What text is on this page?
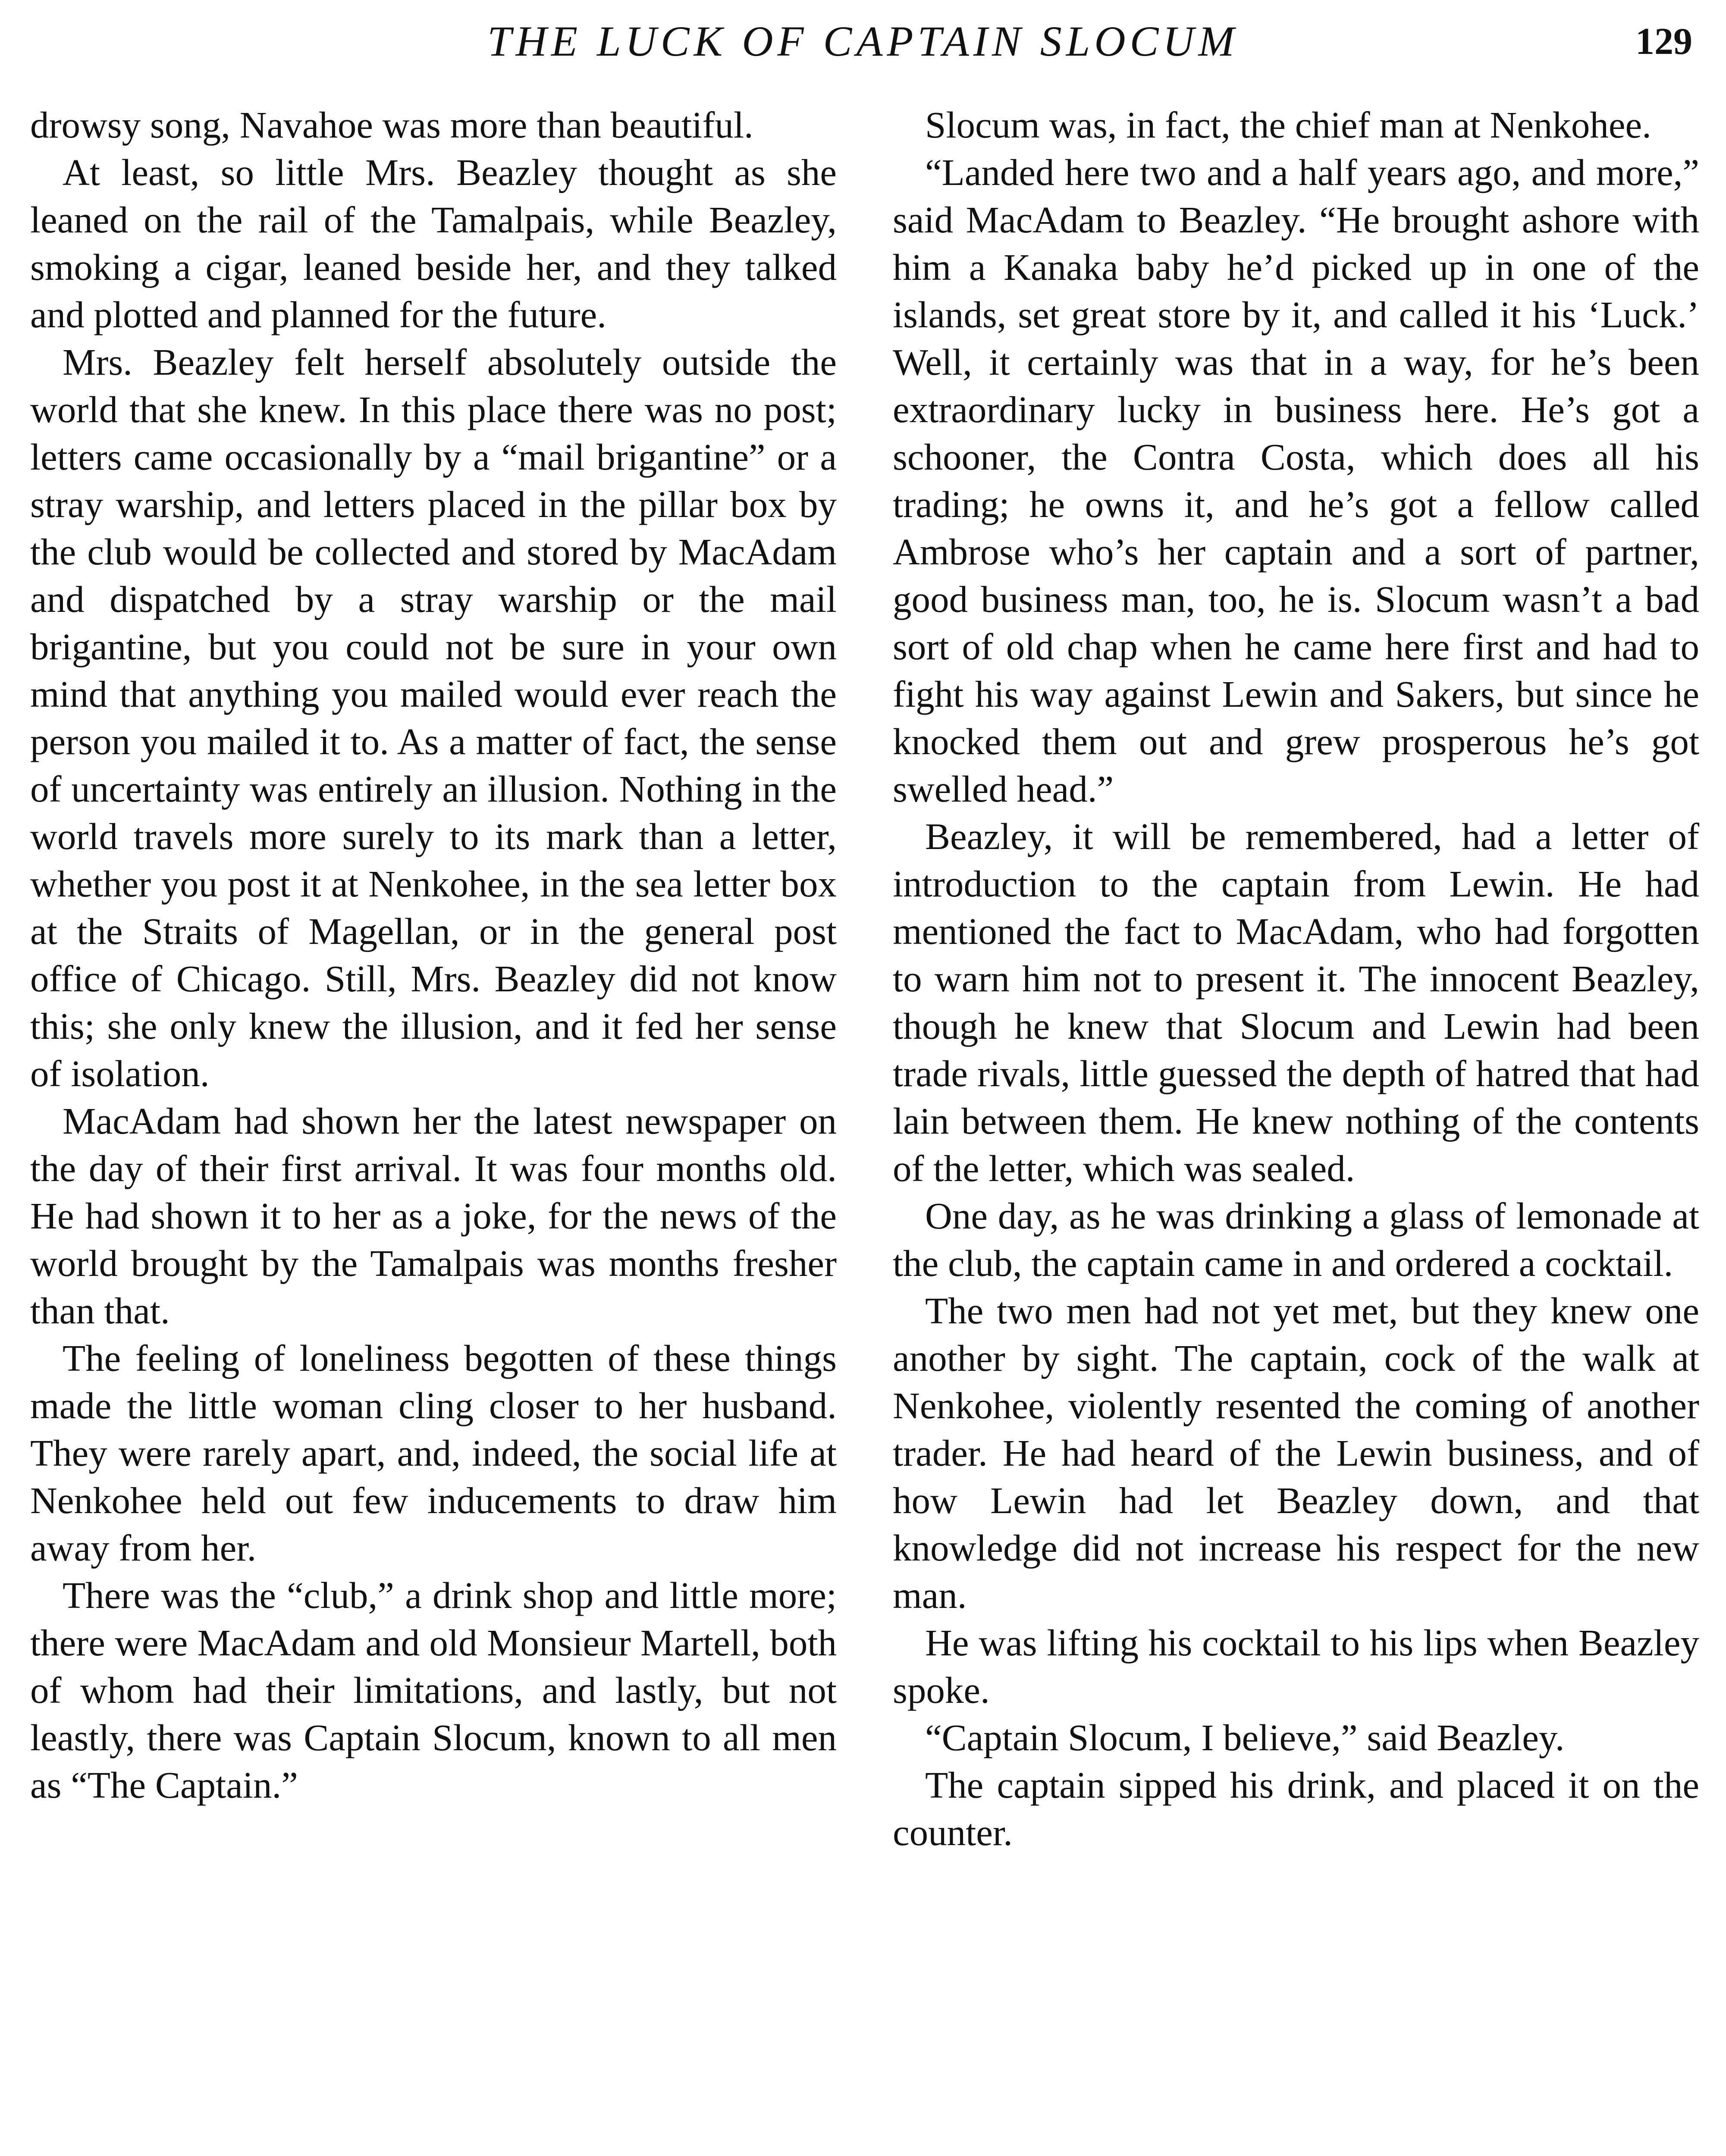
THE LUCK OF CAPTAIN SLOCUM	129

drowsy song, Navahoe was more than beautiful.

At least, so little Mrs. Beazley thought as she leaned on the rail of the Tamalpais, while Beazley, smoking a cigar, leaned beside her, and they talked and plotted and planned for the future.

Mrs. Beazley felt herself absolutely outside the world that she knew. In this place there was no post; letters came occasionally by a “mail brigantine” or a stray warship, and letters placed in the pillar box by the club would be collected and stored by MacAdam and dispatched by a stray warship or the mail brigantine, but you could not be sure in your own mind that anything you mailed would ever reach the person you mailed it to. As a matter of fact, the sense of uncertainty was entirely an illusion. Nothing in the world travels more surely to its mark than a letter, whether you post it at Nenkohee, in the sea letter box at the Straits of Magellan, or in the general post office of Chicago. Still, Mrs. Beazley did not know this; she only knew the illusion, and it fed her sense of isolation.

MacAdam had shown her the latest newspaper on the day of their first arrival. It was four months old. He had shown it to her as a joke, for the news of the world brought by the Tamalpais was months fresher than that.

The feeling of loneliness begotten of these things made the little woman cling closer to her husband. They were rarely apart, and, indeed, the social life at Nenkohee held out few inducements to draw him away from her.

There was the “club,” a drink shop and little more; there were MacAdam and old Monsieur Martell, both of whom had their limitations, and lastly, but not leastly, there was Captain Slocum, known to all men as “The Captain.”

Slocum was, in fact, the chief man at Nenkohee.

“Landed here two and a half years ago, and more,” said MacAdam to Beazley. “He brought ashore with him a Kanaka baby he’d picked up in one of the islands, set great store by it, and called it his ‘Luck.’ Well, it certainly was that in a way, for he’s been extraordinary lucky in business here. He’s got a schooner, the Contra Costa, which does all his trading; he owns it, and he’s got a fellow called Ambrose who’s her captain and a sort of partner, good business man, too, he is. Slocum wasn’t a bad sort of old chap when he came here first and had to fight his way against Lewin and Sakers, but since he knocked them out and grew prosperous he’s got swelled head.”

Beazley, it will be remembered, had a letter of introduction to the captain from Lewin. He had mentioned the fact to MacAdam, who had forgotten to warn him not to present it. The innocent Beazley, though he knew that Slocum and Lewin had been trade rivals, little guessed the depth of hatred that had lain between them. He knew nothing of the contents of the letter, which was sealed.

One day, as he was drinking a glass of lemonade at the club, the captain came in and ordered a cocktail.

The two men had not yet met, but they knew one another by sight. The captain, cock of the walk at Nenkohee, violently resented the coming of another trader. He had heard of the Lewin business, and of how Lewin had let Beazley down, and that knowledge did not increase his respect for the new man.

He was lifting his cocktail to his lips when Beazley spoke.

“Captain Slocum, I believe,” said Beazley.

The captain sipped his drink, and placed it on the counter.
